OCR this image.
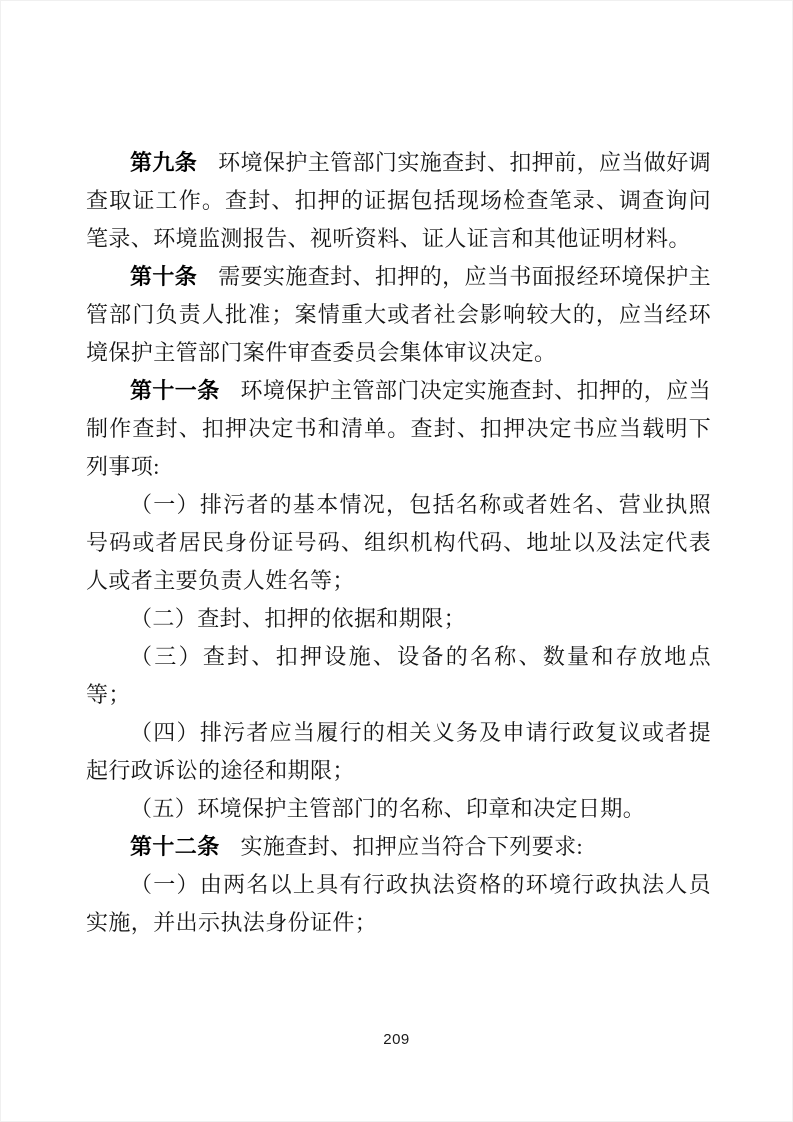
第九条 环境保护主管部门实施查封、扣押前，应当做好调查取证工作。查封、扣押的证据包括现场检查笔录、调查询问笔录、环境监测报告、视听资料、证人证言和其他证明材料。

第十条 需要实施查封、扣押的，应当书面报经环境保护主管部门负责人批准；案情重大或者社会影响较大的，应当经环境保护主管部门案件审查委员会集体审议决定。

第十一条 环境保护主管部门决定实施查封、扣押的，应当制作查封、扣押决定书和清单。查封、扣押决定书应当载明下列事项:

（一）排污者的基本情况，包括名称或者姓名、营业执照号码或者居民身份证号码、组织机构代码、地址以及法定代表人或者主要负责人姓名等；

（二）查封、扣押的依据和期限；

（三）查封、扣押设施、设备的名称、数量和存放地点等；

（四）排污者应当履行的相关义务及申请行政复议或者提起行政诉讼的途径和期限；

（五）环境保护主管部门的名称、印章和决定日期。

第十二条 实施查封、扣押应当符合下列要求:

（一）由两名以上具有行政执法资格的环境行政执法人员实施，并出示执法身份证件；

209
